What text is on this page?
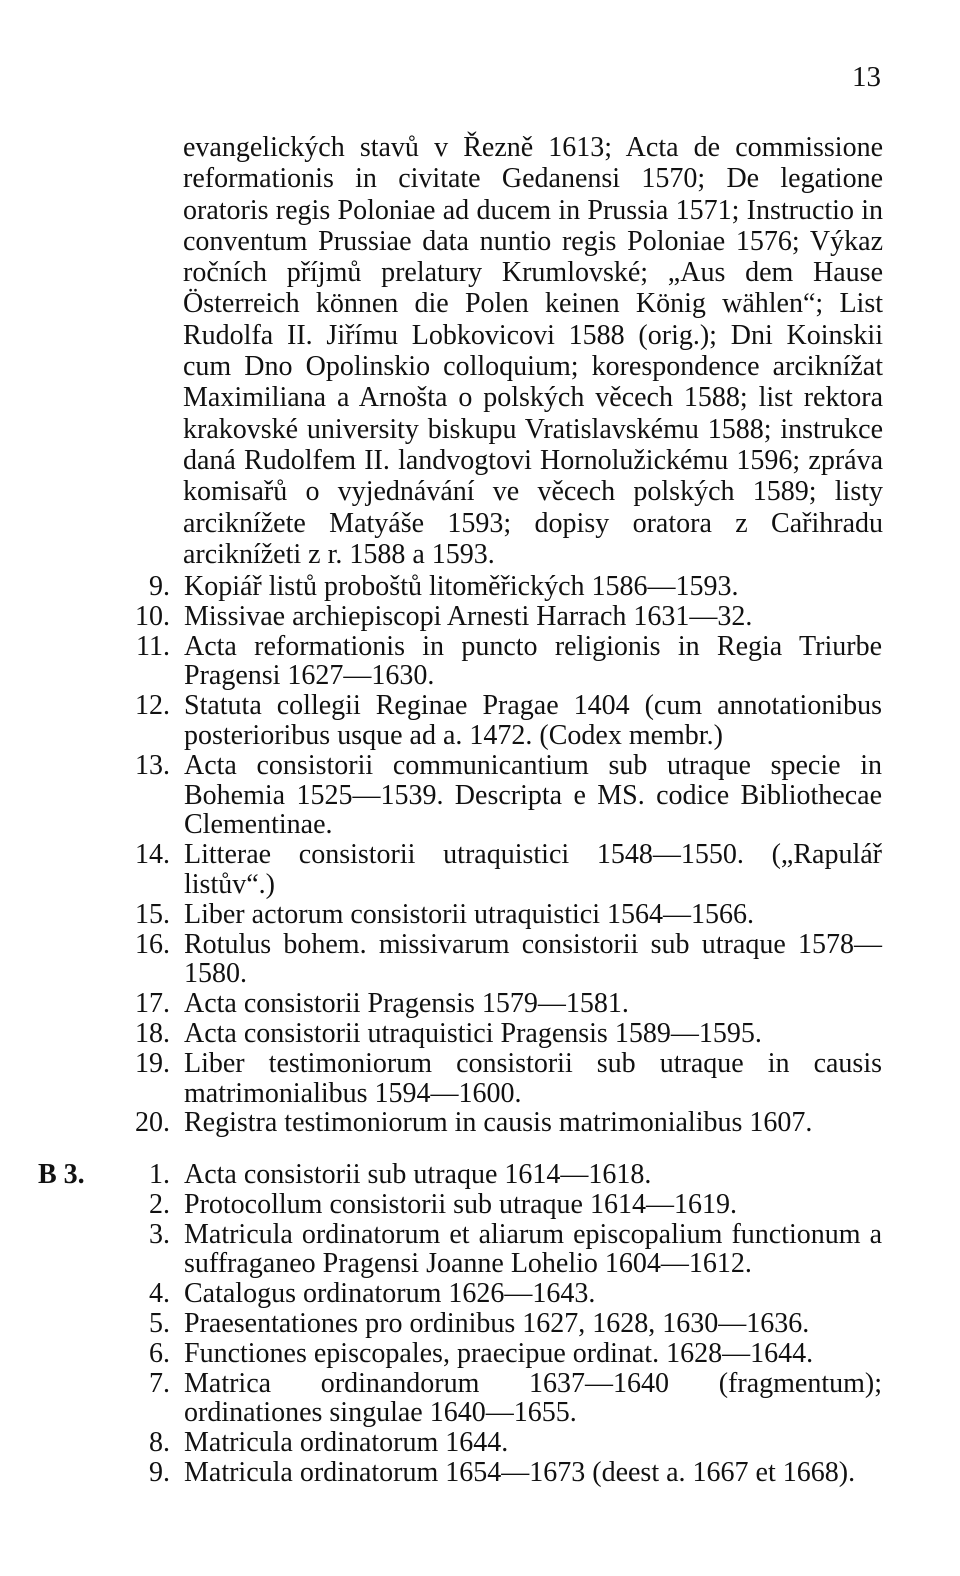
13
evangelických stavů v Řezně 1613; Acta de commissione reformationis in civitate Gedanensi 1570; De legatione oratoris regis Poloniae ad ducem in Prussia 1571; Instructio in conventum Prussiae data nuntio regis Poloniae 1576; Výkaz ročních příjmů prelatury Krumlovské; „Aus dem Hause Österreich können die Polen keinen König wählen“; List Rudolfa II. Jiřímu Lobkovicovi 1588 (orig.); Dni Koinskii cum Dno Opolinskio colloquium; korespondence arciknížat Maximiliana a Arnošta o polských věcech 1588; list rektora krakovské university biskupu Vratislavskému 1588; instrukce daná Rudolfem II. landvogtovi Hornolužickému 1596; zpráva komisařů o vyjednávání ve věcech polských 1589; listy arciknížete Matyáše 1593; dopisy oratora z Cařihradu arciknížeti z r. 1588 a 1593.
9. Kopiář listů proboštů litoměřických 1586—1593.
10. Missivae archiepiscopi Arnesti Harrach 1631—32.
11. Acta reformationis in puncto religionis in Regia Triurbe Pragensi 1627—1630.
12. Statuta collegii Reginae Pragae 1404 (cum annotationibus posterioribus usque ad a. 1472. (Codex membr.)
13. Acta consistorii communicantium sub utraque specie in Bohemia 1525—1539. Descripta e MS. codice Bibliothecae Clementinae.
14. Litterae consistorii utraquistici 1548—1550. („Rapulář listův“.)
15. Liber actorum consistorii utraquistici 1564—1566.
16. Rotulus bohem. missivarum consistorii sub utraque 1578—1580.
17. Acta consistorii Pragensis 1579—1581.
18. Acta consistorii utraquistici Pragensis 1589—1595.
19. Liber testimoniorum consistorii sub utraque in causis matrimonialibus 1594—1600.
20. Registra testimoniorum in causis matrimonialibus 1607.
B 3.	1. Acta consistorii sub utraque 1614—1618.
2. Protocollum consistorii sub utraque 1614—1619.
3. Matricula ordinatorum et aliarum episcopalium functionum a suffraganeo Pragensi Joanne Lohelio 1604—1612.
4. Catalogus ordinatorum 1626—1643.
5. Praesentationes pro ordinibus 1627, 1628, 1630—1636.
6. Functiones episcopales, praecipue ordinat. 1628—1644.
7. Matrica ordinandorum 1637—1640 (fragmentum); ordinationes singulae 1640—1655.
8. Matricula ordinatorum 1644.
9. Matricula ordinatorum 1654—1673 (deest a. 1667 et 1668).
